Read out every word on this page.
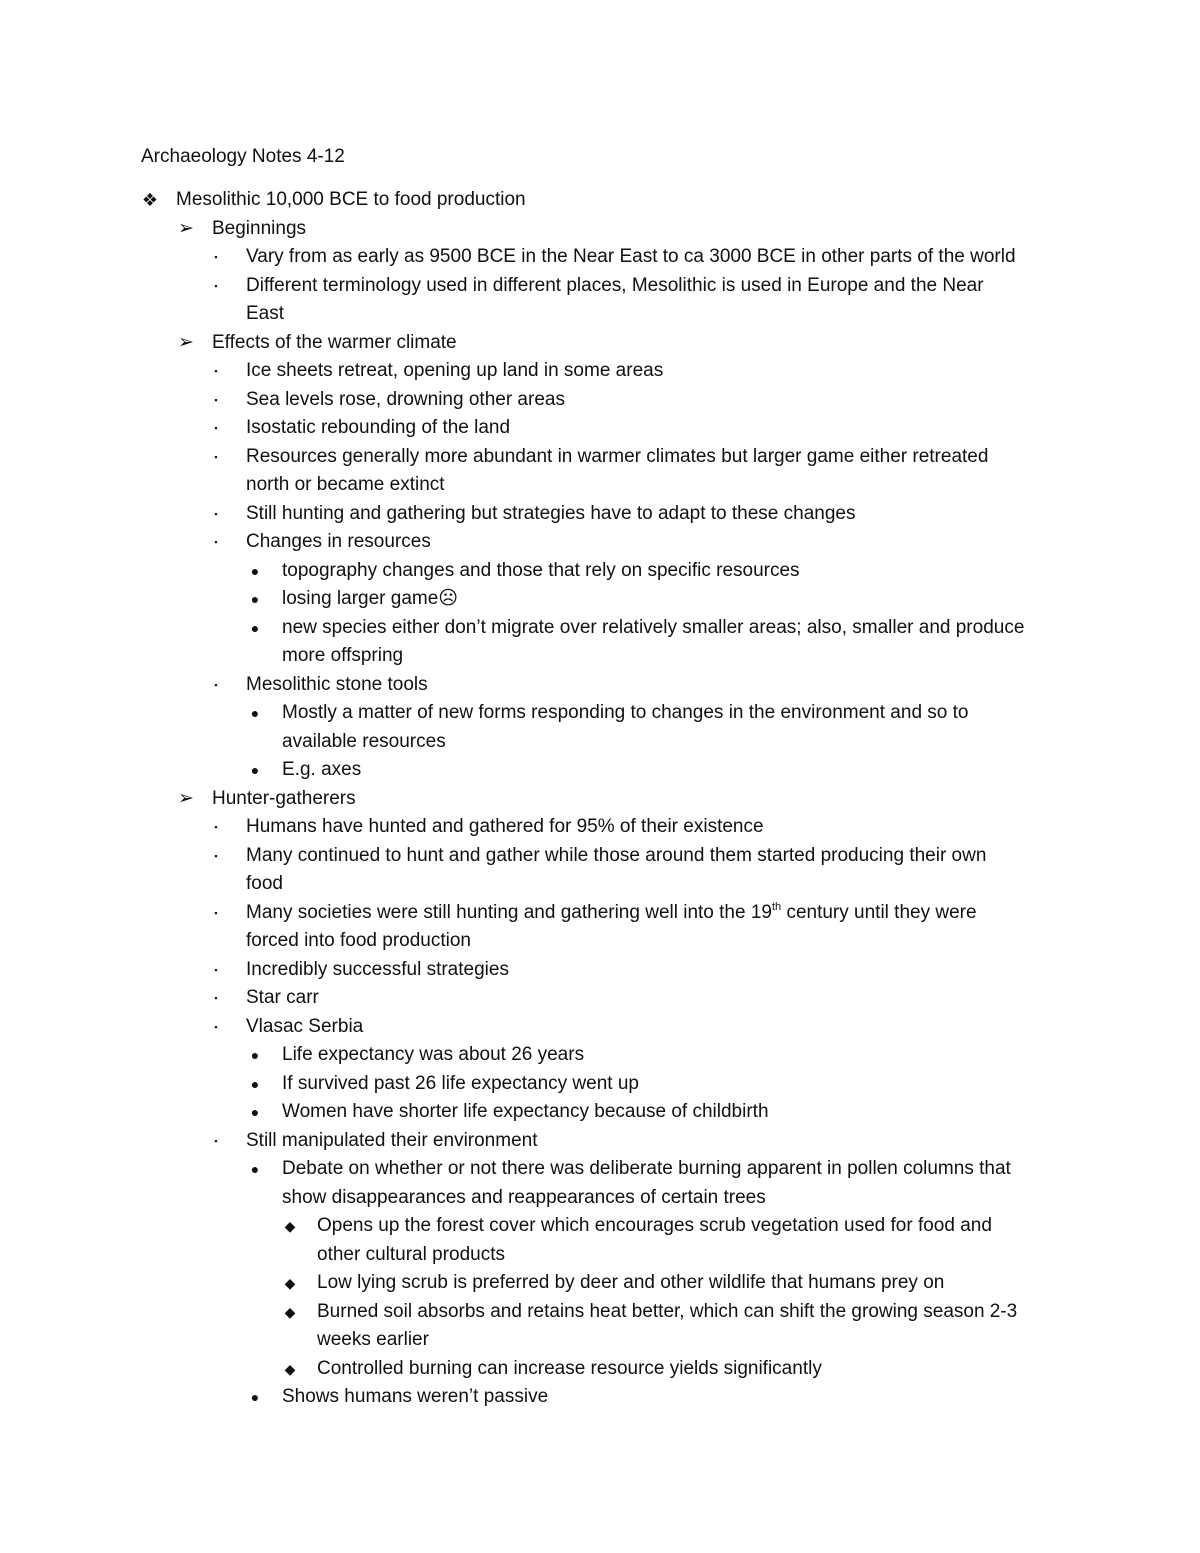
Archaeology Notes 4-12
❖ Mesolithic 10,000 BCE to food production
➢ Beginnings
▪	Vary from as early as 9500 BCE in the Near East to ca 3000 BCE in other parts of the world
▪	Different terminology used in different places, Mesolithic is used in Europe and the Near
East
➢ Effects of the warmer climate
▪	Ice sheets retreat, opening up land in some areas
▪	Sea levels rose, drowning other areas
▪	Isostatic rebounding of the land
▪	Resources generally more abundant in warmer climates but larger game either retreated
north or became extinct
▪	Still hunting and gathering but strategies have to adapt to these changes
▪	Changes in resources
●	topography changes and those that rely on specific resources
●	losing larger game☹
●	new species either don’t migrate over relatively smaller areas; also, smaller and produce
more offspring
▪	Mesolithic stone tools
●	Mostly a matter of new forms responding to changes in the environment and so to
available resources
●	E.g. axes
➢ Hunter-gatherers
▪	Humans have hunted and gathered for 95% of their existence
▪	Many continued to hunt and gather while those around them started producing their own
food
▪	Many societies were still hunting and gathering well into the 19th century until they were
forced into food production
▪	Incredibly successful strategies
▪	Star carr
▪	Vlasac Serbia
●	Life expectancy was about 26 years
●	If survived past 26 life expectancy went up
●	Women have shorter life expectancy because of childbirth
▪	Still manipulated their environment
●	Debate on whether or not there was deliberate burning apparent in pollen columns that
show disappearances and reappearances of certain trees
◆ Opens up the forest cover which encourages scrub vegetation used for food and
other cultural products
◆ Low lying scrub is preferred by deer and other wildlife that humans prey on
◆ Burned soil absorbs and retains heat better, which can shift the growing season 2-3
weeks earlier
◆ Controlled burning can increase resource yields significantly
●	Shows humans weren’t passive
